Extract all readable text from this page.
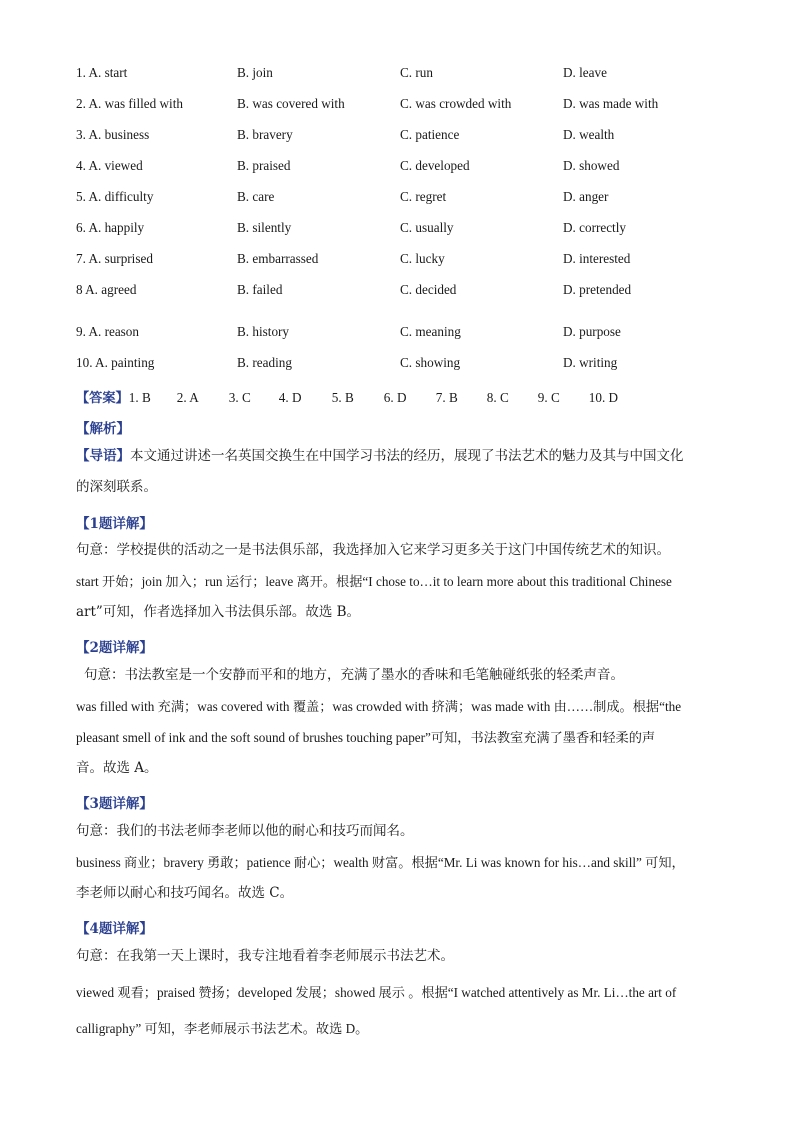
1. A. start	B. join	C. run	D. leave
2. A. was filled with	B. was covered with	C. was crowded with	D. was made with
3. A. business	B. bravery	C. patience	D. wealth
4. A. viewed	B. praised	C. developed	D. showed
5. A. difficulty	B. care	C. regret	D. anger
6. A. happily	B. silently	C. usually	D. correctly
7. A. surprised	B. embarrassed	C. lucky	D. interested
8 A. agreed	B. failed	C. decided	D. pretended
9. A. reason	B. history	C. meaning	D. purpose
10. A. painting	B. reading	C. showing	D. writing
【答案】1. B 2. A 3. C 4. D 5. B 6. D 7. B 8. C 9. C 10. D
【解析】
【导语】本文通过讲述一名英国交换生在中国学习书法的经历，展现了书法艺术的魅力及其与中国文化
的深刻联系。
【1题详解】
句意：学校提供的活动之一是书法俱乐部，我选择加入它来学习更多关于这门中国传统艺术的知识。
start 开始；join 加入；run 运行；leave 离开。根据“I chose to…it to learn more about this traditional Chinese
art”可知，作者选择加入书法俱乐部。故选 B。
【2题详解】
句意：书法教室是一个安静而平和的地方，充满了墨水的香味和毛笔触碰纸张的轻柔声音。
was filled with 充满；was covered with 覆盖；was crowded with 挤满；was made with 由……制成。根据“the
pleasant smell of ink and the soft sound of brushes touching paper”可知，书法教室充满了墨香和轻柔的声
音。故选 A。
【3题详解】
句意：我们的书法老师李老师以他的耐心和技巧而闻名。
business 商业；bravery 勇敢；patience 耐心；wealth 财富。根据“Mr. Li was known for his…and skill” 可知，
李老师以耐心和技巧闻名。故选 C。
【4题详解】
句意：在我第一天上课时，我专注地看着李老师展示书法艺术。
viewed 观看；praised 赞扬；developed 发展；showed 展示 。根据“I watched attentively as Mr. Li…the art of
calligraphy” 可知，李老师展示书法艺术。故选 D。
